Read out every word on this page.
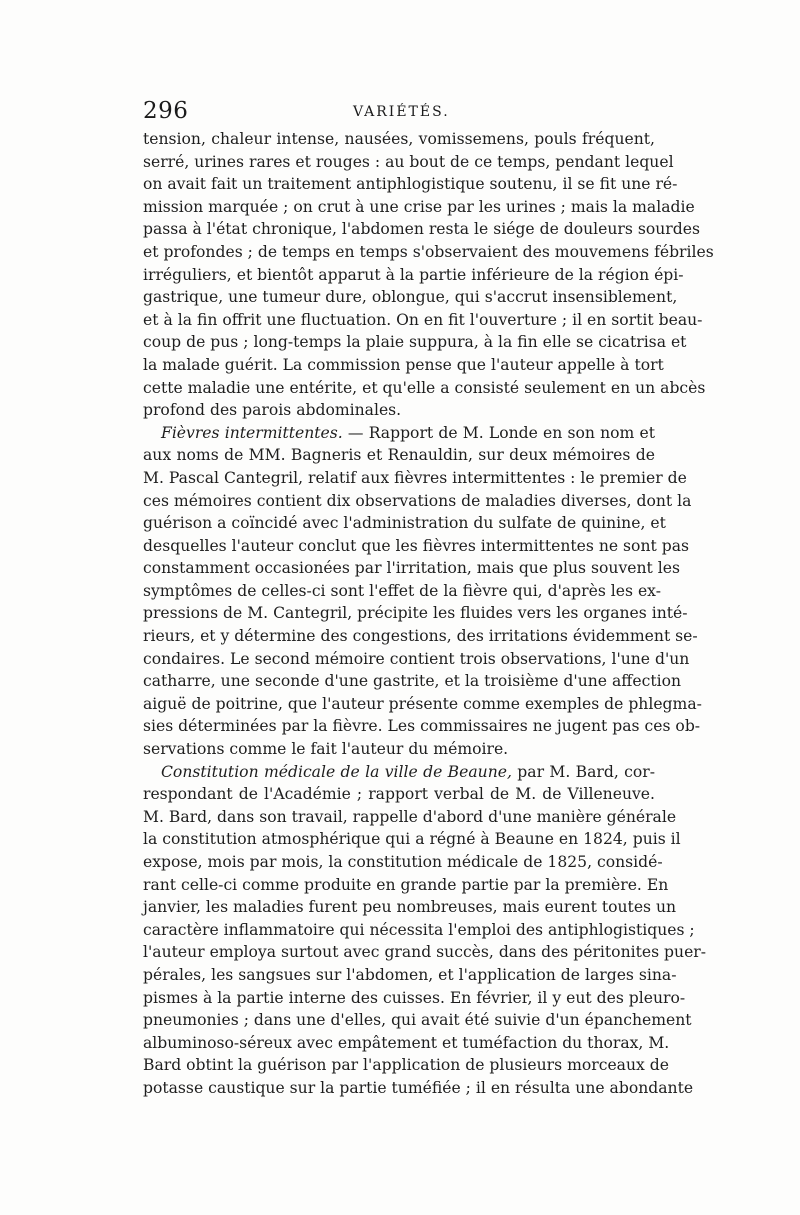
296	VARIÉTÉS.
tension, chaleur intense, nausées, vomissemens, pouls fréquent,
serré, urines rares et rouges : au bout de ce temps, pendant lequel
on avait fait un traitement antiphlogistique soutenu, il se fit une ré-
mission marquée ; on crut à une crise par les urines ; mais la maladie
passa à l'état chronique, l'abdomen resta le siége de douleurs sourdes
et profondes ; de temps en temps s'observaient des mouvemens fébriles
irréguliers, et bientôt apparut à la partie inférieure de la région épi-
gastrique, une tumeur dure, oblongue, qui s'accrut insensiblement,
et à la fin offrit une fluctuation. On en fit l'ouverture ; il en sortit beau-
coup de pus ; long-temps la plaie suppura, à la fin elle se cicatrisa et
la malade guérit. La commission pense que l'auteur appelle à tort
cette maladie une entérite, et qu'elle a consisté seulement en un abcès
profond des parois abdominales.
Fièvres intermittentes. — Rapport de M. Londe en son nom et
aux noms de MM. Bagneris et Renauldin, sur deux mémoires de
M. Pascal Cantegril, relatif aux fièvres intermittentes : le premier de
ces mémoires contient dix observations de maladies diverses, dont la
guérison a coïncidé avec l'administration du sulfate de quinine, et
desquelles l'auteur conclut que les fièvres intermittentes ne sont pas
constamment occasionées par l'irritation, mais que plus souvent les
symptômes de celles-ci sont l'effet de la fièvre qui, d'après les ex-
pressions de M. Cantegril, précipite les fluides vers les organes inté-
rieurs, et y détermine des congestions, des irritations évidemment se-
condaires. Le second mémoire contient trois observations, l'une d'un
catharre, une seconde d'une gastrite, et la troisième d'une affection
aiguë de poitrine, que l'auteur présente comme exemples de phlegma-
sies déterminées par la fièvre. Les commissaires ne jugent pas ces ob-
servations comme le fait l'auteur du mémoire.
Constitution médicale de la ville de Beaune, par M. Bard, cor-
respondant de l'Académie ; rapport verbal de M. de Villeneuve.
M. Bard, dans son travail, rappelle d'abord d'une manière générale
la constitution atmosphérique qui a régné à Beaune en 1824, puis il
expose, mois par mois, la constitution médicale de 1825, considé-
rant celle-ci comme produite en grande partie par la première. En
janvier, les maladies furent peu nombreuses, mais eurent toutes un
caractère inflammatoire qui nécessita l'emploi des antiphlogistiques ;
l'auteur employa surtout avec grand succès, dans des péritonites puer-
pérales, les sangsues sur l'abdomen, et l'application de larges sina-
pismes à la partie interne des cuisses. En février, il y eut des pleuro-
pneumonies ; dans une d'elles, qui avait été suivie d'un épanchement
albuminoso-séreux avec empâtement et tuméfaction du thorax, M.
Bard obtint la guérison par l'application de plusieurs morceaux de
potasse caustique sur la partie tuméfiée ; il en résulta une abondante
